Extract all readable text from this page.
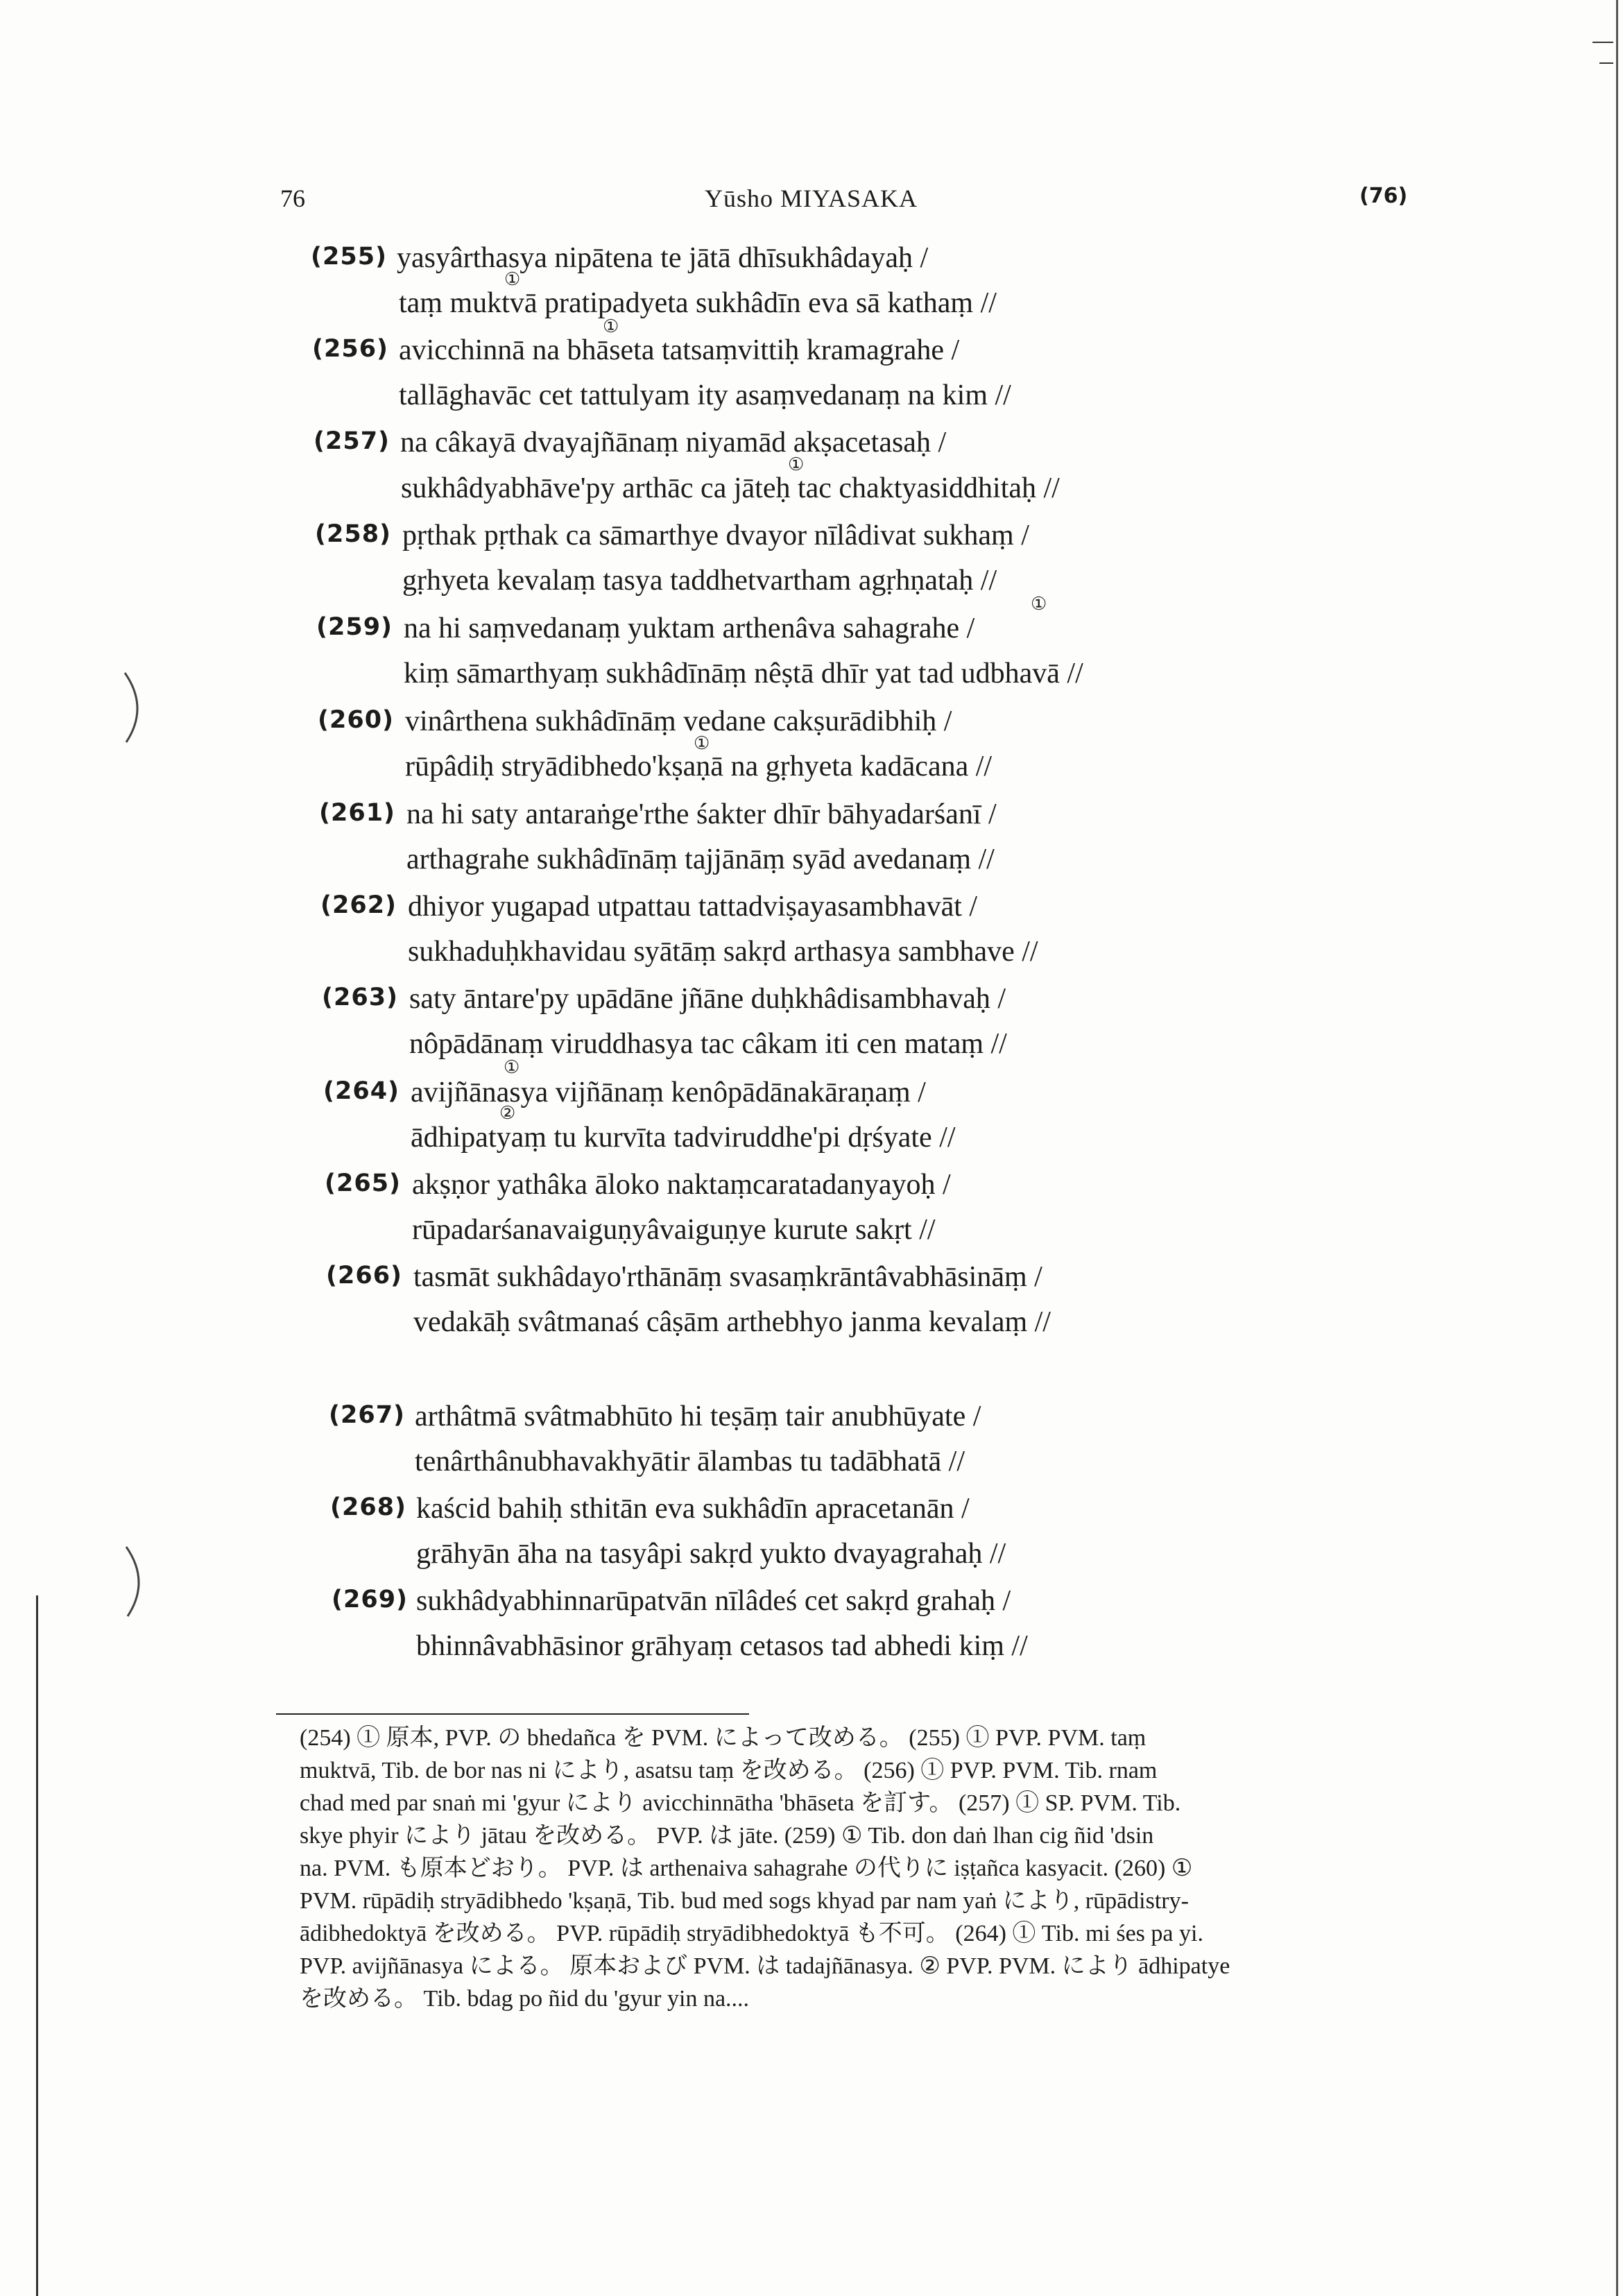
76	Yūsho MIYASAKA	(76)
(255) yasyârthasya nipātena te jātā dhīsukhâdayaḥ /
taṃ muktvā pratipadyeta sukhâdīn eva sā kathaṃ //
(256) avicchinnā na bhāseta tatsaṃvittiḥ kramagrahe /
tallāghavāc cet tattulyam ity asaṃvedanaṃ na kim //
(257) na câkayā dvayajñānaṃ niyamād akṣacetasaḥ /
sukhâdyabhāve'py arthāc ca jāteḥ tac chaktyasiddhitaḥ //
(258) pṛthak pṛthak ca sāmarthye dvayor nīlâdivat sukhaṃ /
gṛhyeta kevalaṃ tasya taddhetvartham agṛhṇataḥ //
(259) na hi saṃvedanaṃ yuktam arthenâva sahagrahe /
kiṃ sāmarthyaṃ sukhâdīnāṃ nêṣtā dhīr yat tad udbhavā //
(260) vinârthena sukhâdīnāṃ vedane cakṣurādibhiḥ /
rūpâdiḥ stryādibhedo'kṣaṇā na gṛhyeta kadācana //
(261) na hi saty antaraṅge'rthe śakter dhīr bāhyadarśanī /
arthagrahe sukhâdīnāṃ tajjānāṃ syād avedanaṃ //
(262) dhiyor yugapad utpattau tattadviṣayasambhavāt /
sukhaduḥkhavidau syātāṃ sakṛd arthasya sambhave //
(263) saty āntare'py upādāne jñāne duḥkhâdisambhavaḥ /
nôpādānaṃ viruddhasya tac câkam iti cen mataṃ //
(264) avijñānasya vijñānaṃ kenôpādānakāraṇaṃ /
ādhipatyaṃ tu kurvīta tadviruddhe'pi dṛśyate //
(265) akṣṇor yathâka āloko naktaṃcaratadanyayoḥ /
rūpadarśanavaiguṇyâvaiguṇye kurute sakṛt //
(266) tasmāt sukhâdayo'rthānāṃ svasaṃkrāntâvabhāsināṃ /
vedakāḥ svâtmanaś câṣām arthebhyo janma kevalaṃ //
(267) arthâtmā svâtmabhūto hi teṣāṃ tair anubhūyate /
tenârthânubhavakhyātir ālambas tu tadābhatā //
(268) kaścid bahiḥ sthitān eva sukhâdīn apracetanān /
grāhyān āha na tasyâpi sakṛd yukto dvayagrahaḥ //
(269) sukhâdyabhinnarūpatvān nīlâdeś cet sakṛd grahaḥ /
bhinnâvabhāsinor grāhyaṃ cetasos tad abhedi kiṃ //
①
①
①
①
①
①
②
(254) ① 原本, PVP. の bhedañca を PVM. によって改める。 (255) ① PVP. PVM. taṃ
muktvā, Tib. de bor nas ni により, asatsu taṃ を改める。 (256) ① PVP. PVM. Tib. rnam
chad med par snaṅ mi 'gyur により avicchinnātha 'bhāseta を訂す。 (257) ① SP. PVM. Tib.
skye phyir により jātau を改める。 PVP. は jāte. (259) ① Tib. don daṅ lhan cig ñid 'dsin
na. PVM. も原本どおり。 PVP. は arthenaiva sahagrahe の代りに iṣṭañca kasyacit. (260) ①
PVM. rūpādiḥ stryādibhedo 'kṣaṇā, Tib. bud med sogs khyad par nam yaṅ により, rūpādistry-
ādibhedoktyā を改める。 PVP. rūpādiḥ stryādibhedoktyā も不可。 (264) ① Tib. mi śes pa yi.
PVP. avijñānasya による。 原本および PVM. は tadajñānasya. ② PVP. PVM. により ādhipatye
を改める。 Tib. bdag po ñid du 'gyur yin na....
